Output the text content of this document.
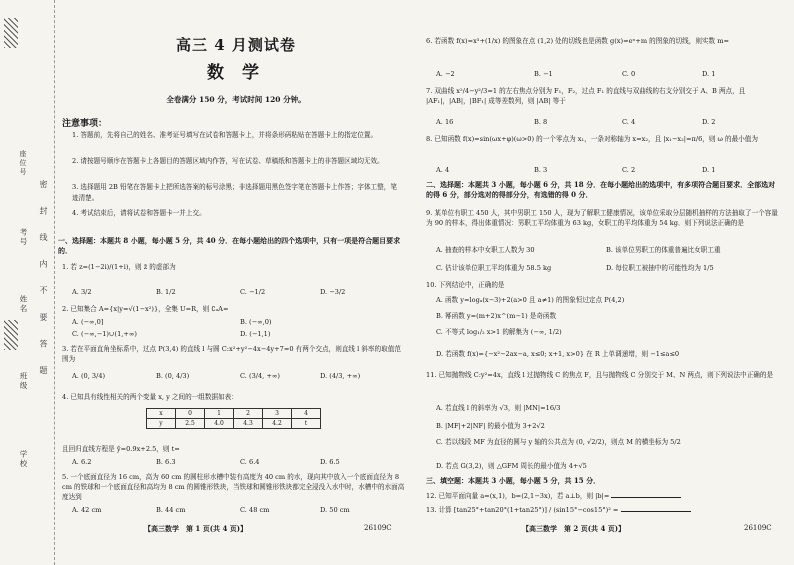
座位号
考号
姓名
班级
学校
密 封 线 内 不 要 答 题
高三 4 月测试卷
数 学
全卷满分 150 分，考试时间 120 分钟。
注意事项：
1. 答题前，先将自己的姓名、准考证号填写在试卷和答题卡上，并将条形码粘贴在答题卡上的指定位置。
2. 请按题号顺序在答题卡上各题目的答题区域内作答，写在试卷、草稿纸和答题卡上的非答题区域均无效。
3. 选择题用 2B 铅笔在答题卡上把所选答案的标号涂黑；非选择题用黑色签字笔在答题卡上作答；字体工整，笔迹清楚。
4. 考试结束后，请将试卷和答题卡一并上交。
一、选择题：本题共 8 小题，每小题 5 分，共 40 分．在每小题给出的四个选项中，只有一项是符合题目要求的．
1. 若 z=(1−2i)/(1+i)，则 z̄ 的虚部为
A. 3/2	B. 1/2	C. −1/2	D. −3/2
2. 已知集合 A={x|y=√(1−x²)}，全集 U=R，则 ∁ᵤA=
A. (−∞,0]	B. (−∞,0)
C. (−∞,−1)∪(1,+∞)	D. (−1,1)
3. 若在平面直角坐标系中，过点 P(3,4) 的直线 l 与圆 C:x²+y²−4x−4y+7=0 有两个交点，则直线 l 斜率的取值范围为
A. (0, 3/4)	B. (0, 4/3)	C. (3/4, +∞)	D. (4/3, +∞)
4. 已知具有线性相关的两个变量 x, y 之间的一组数据如表：
x	0	1	2	3	4
y	2.5	4.0	4.3	4.2	t
且回归直线方程是 ŷ=0.9x+2.5，则 t=
A. 6.2	B. 6.3	C. 6.4	D. 6.5
5. 一个底面直径为 16 cm，高为 60 cm 的圆柱形水槽中装有高度为 40 cm 的水，现向其中放入一个底面直径为 8 cm 的铁球和一个底面直径和高均为 8 cm 的圆锥形铁块，当铁球和圆锥形铁块都完全浸没入水中时，水槽中的水面高度达到
A. 42 cm	B. 44 cm	C. 48 cm	D. 50 cm
【高三数学　第 1 页(共 4 页)】	26109C
6. 若函数 f(x)=x³+(1/x) 的图象在点 (1,2) 处的切线也是函数 g(x)=eˣ+m 的图象的切线，则实数 m=
A. −2	B. −1	C. 0	D. 1
7. 双曲线 x²/4−y²/3=1 的左右焦点分别为 F₁，F₂，过点 F₁ 的直线与双曲线的右支分别交于 A、B 两点，且 |AF₁|，|AB|，|BF₁| 成等差数列，则 |AB| 等于
A. 16	B. 8	C. 4	D. 2
8. 已知函数 f(x)=sin(ωx+φ)(ω>0) 的一个零点为 x₁，一条对称轴为 x=x₂，且 |x₁−x₂|=π/6，则 ω 的最小值为
A. 4	B. 3	C. 2	D. 1
二、选择题：本题共 3 小题，每小题 6 分，共 18 分．在每小题给出的选项中，有多项符合题目要求．全部选对的得 6 分，部分选对的得部分分，有选错的得 0 分．
9. 某单位有职工 450 人，其中男职工 150 人，现为了解职工健康情况，该单位采取分层随机抽样的方法抽取了一个容量为 90 的样本，得出体重情况：男职工平均体重为 63 kg，女职工的平均体重为 54 kg．则下列说法正确的是
A. 抽查的样本中女职工人数为 30	B. 该单位男职工的体重普遍比女职工重
C. 估计该单位职工平均体重为 58.5 kg	D. 每位职工被抽中的可能性均为 1/5
10. 下列结论中，正确的是
A. 函数 y=logₐ(x−3)+2(a>0 且 a≠1) 的图象恒过定点 P(4,2)
B. 幂函数 y=(m+2)x^(m−1) 是奇函数
C. 不等式 log₁/₂ x>1 的解集为 (−∞, 1/2)
D. 若函数 f(x)={−x²−2ax−a, x≤0; x+1, x>0} 在 R 上单调递增，则 −1≤a≤0
11. 已知抛物线 C:y²=4x，直线 l 过抛物线 C 的焦点 F，且与抛物线 C 分别交于 M、N 两点，则下列说法中正确的是
A. 若直线 l 的斜率为 √3，则 |MN|=16/3
B. |MF|+2|NF| 的最小值为 3+2√2
C. 若以线段 MF 为直径的圆与 y 轴的公共点为 (0, √2/2)，则点 M 的横坐标为 5/2
D. 若点 G(3,2)，则 △GFM 周长的最小值为 4+√5
三、填空题：本题共 3 小题，每小题 5 分，共 15 分．
12. 已知平面向量 a=(x,1)，b=(2,1−3x)，若 a⊥b，则 |b|=
13. 计算 [tan25°+tan20°(1+tan25°)] / (sin15°−cos15°)² =
【高三数学　第 2 页(共 4 页)】	26109C
